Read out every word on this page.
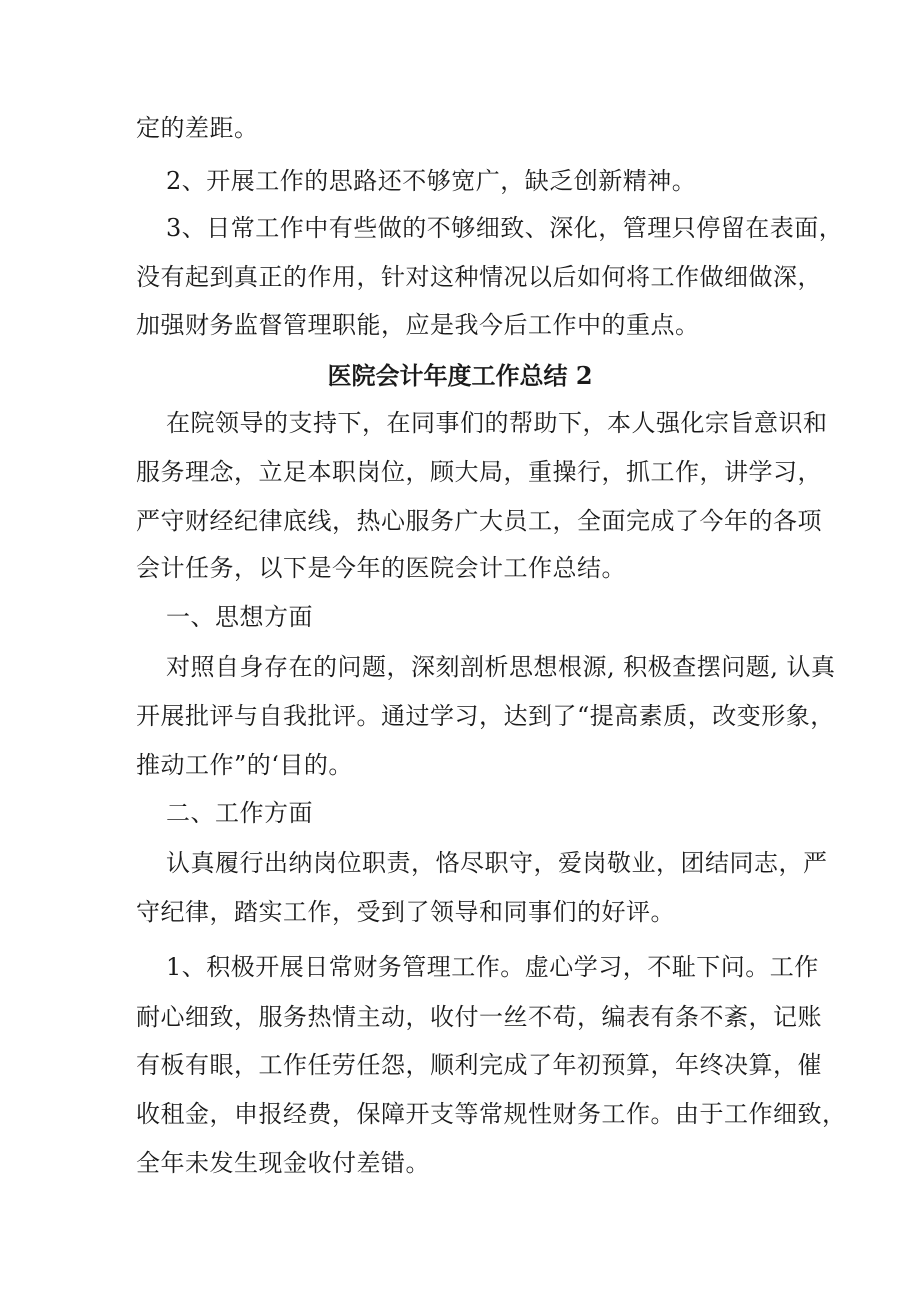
定的差距。
2、开展工作的思路还不够宽广，缺乏创新精神。
3、日常工作中有些做的不够细致、深化，管理只停留在表面，
没有起到真正的作用，针对这种情况以后如何将工作做细做深，
加强财务监督管理职能，应是我今后工作中的重点。
医院会计年度工作总结 2
在院领导的支持下，在同事们的帮助下，本人强化宗旨意识和
服务理念，立足本职岗位，顾大局，重操行，抓工作，讲学习，
严守财经纪律底线，热心服务广大员工，全面完成了今年的各项
会计任务，以下是今年的医院会计工作总结。
一、思想方面
对照自身存在的问题，深刻剖析思想根源, 积极查摆问题, 认真
开展批评与自我批评。通过学习，达到了“提高素质，改变形象，
推动工作”的‘目的。
二、工作方面
认真履行出纳岗位职责，恪尽职守，爱岗敬业，团结同志，严
守纪律，踏实工作，受到了领导和同事们的好评。
1、积极开展日常财务管理工作。虚心学习，不耻下问。工作
耐心细致，服务热情主动，收付一丝不苟，编表有条不紊，记账
有板有眼，工作任劳任怨，顺利完成了年初预算，年终决算，催
收租金，申报经费，保障开支等常规性财务工作。由于工作细致，
全年未发生现金收付差错。
